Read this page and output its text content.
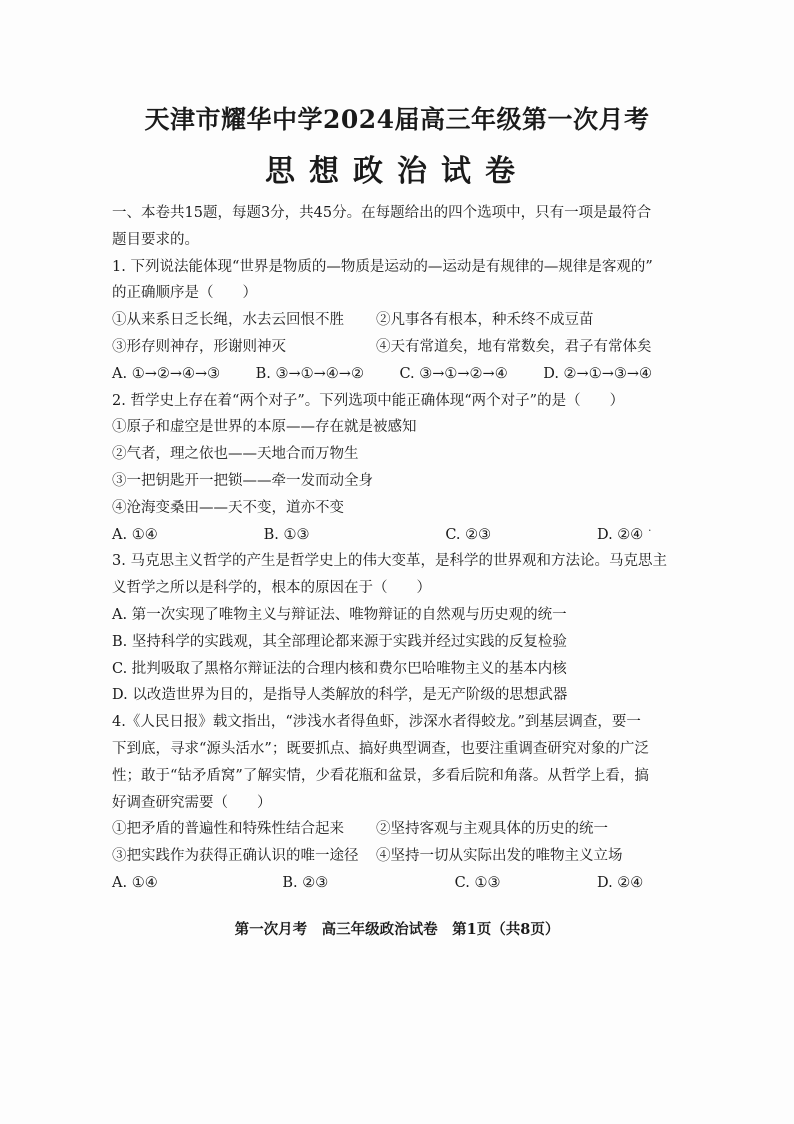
天津市耀华中学2024届高三年级第一次月考
思想政治试卷
一、本卷共15题，每题3分，共45分。在每题给出的四个选项中，只有一项是最符合
题目要求的。
1. 下列说法能体现“世界是物质的—物质是运动的—运动是有规律的—规律是客观的”
的正确顺序是（　　）
①从来系日乏长绳，水去云回恨不胜	②凡事各有根本，种禾终不成豆苗
③形存则神存，形谢则神灭	④天有常道矣，地有常数矣，君子有常体矣
A. ①→②→④→③ B. ③→①→④→② C. ③→①→②→④ D. ②→①→③→④
2. 哲学史上存在着“两个对子”。下列选项中能正确体现“两个对子”的是（　　）
①原子和虚空是世界的本原——存在就是被感知
②气者，理之依也——天地合而万物生
③一把钥匙开一把锁——牵一发而动全身
④沧海变桑田——天不变，道亦不变
A. ①④	B. ①③	C. ②③	D. ②④
3. 马克思主义哲学的产生是哲学史上的伟大变革，是科学的世界观和方法论。马克思主
义哲学之所以是科学的，根本的原因在于（　　）
A. 第一次实现了唯物主义与辩证法、唯物辩证的自然观与历史观的统一
B. 坚持科学的实践观，其全部理论都来源于实践并经过实践的反复检验
C. 批判吸取了黑格尔辩证法的合理内核和费尔巴哈唯物主义的基本内核
D. 以改造世界为目的，是指导人类解放的科学，是无产阶级的思想武器
4.《人民日报》载文指出，“涉浅水者得鱼虾，涉深水者得蛟龙。”到基层调查，要一
下到底，寻求“源头活水”；既要抓点、搞好典型调查，也要注重调查研究对象的广泛
性；敢于“钻矛盾窝”了解实情，少看花瓶和盆景，多看后院和角落。从哲学上看，搞
好调查研究需要（　　）
①把矛盾的普遍性和特殊性结合起来	②坚持客观与主观具体的历史的统一
③把实践作为获得正确认识的唯一途径	④坚持一切从实际出发的唯物主义立场
A. ①④	B. ②③	C. ①③	D. ②④
第一次月考　高三年级政治试卷　第1页（共8页）
·
